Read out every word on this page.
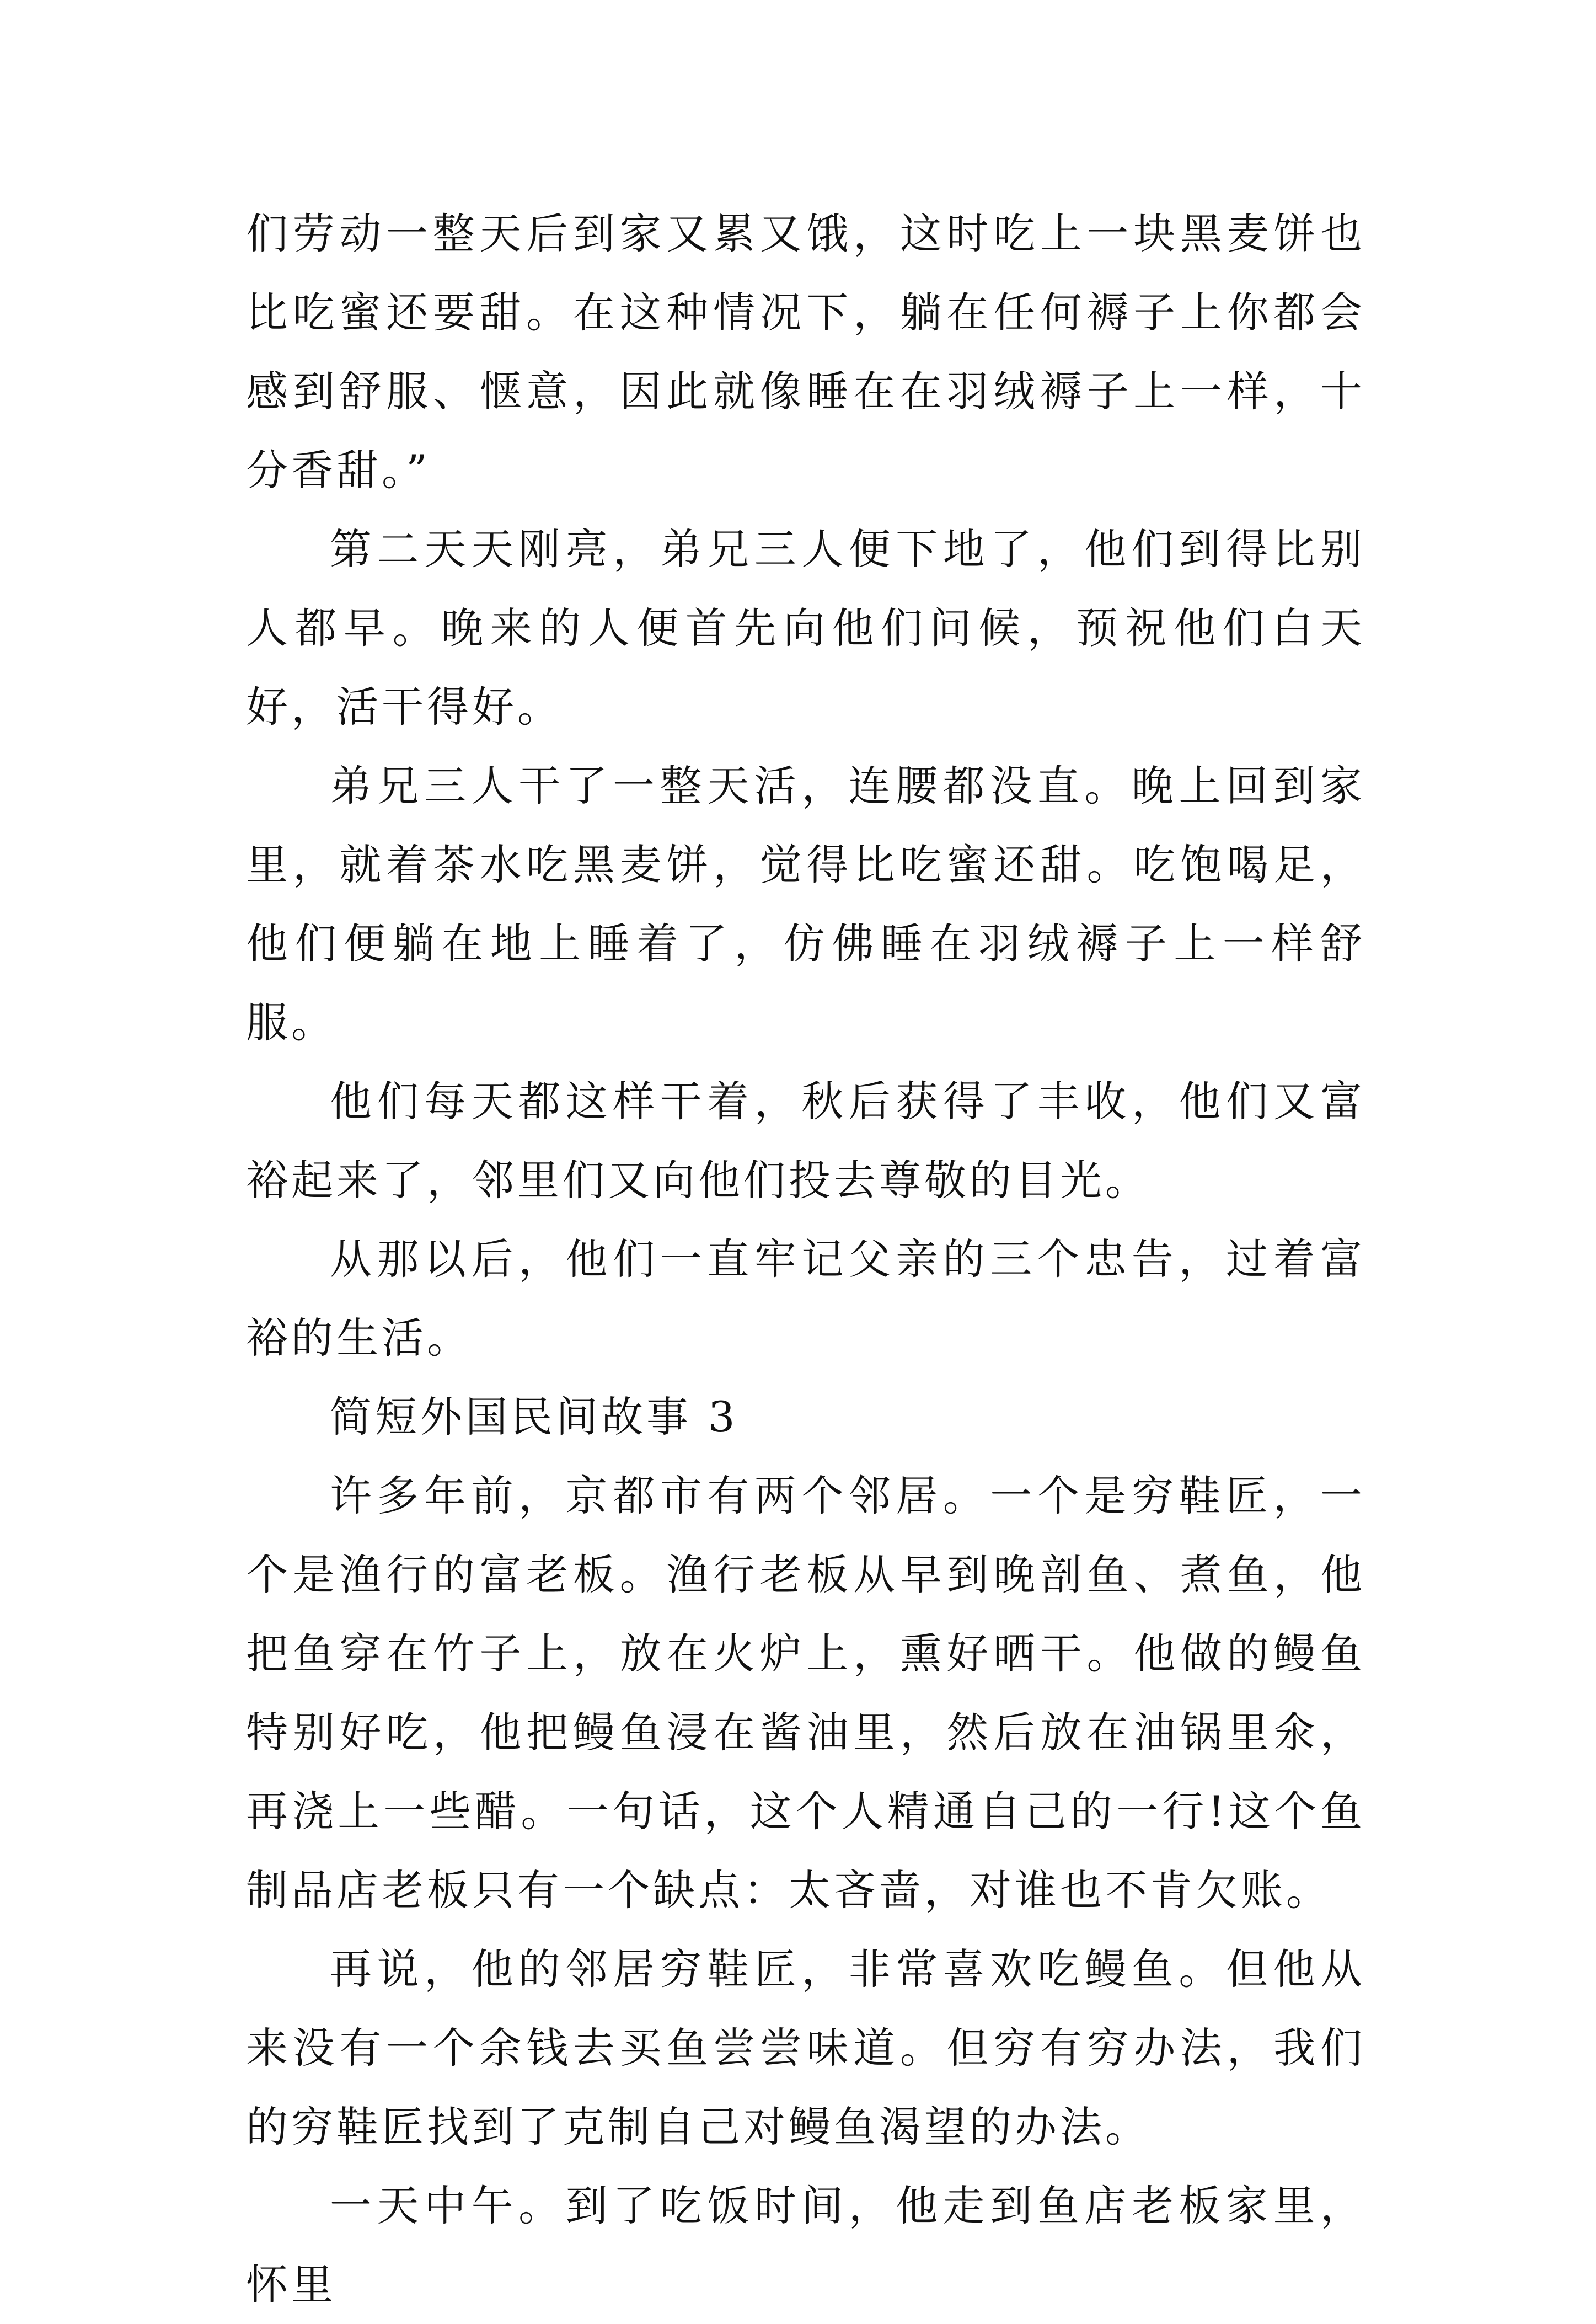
们劳动一整天后到家又累又饿，这时吃上一块黑麦饼也比吃蜜还要甜。在这种情况下，躺在任何褥子上你都会感到舒服、惬意，因此就像睡在在羽绒褥子上一样，十分香甜。”

第二天天刚亮，弟兄三人便下地了，他们到得比别人都早。晚来的人便首先向他们问候，预祝他们白天好，活干得好。

弟兄三人干了一整天活，连腰都没直。晚上回到家里，就着茶水吃黑麦饼，觉得比吃蜜还甜。吃饱喝足，他们便躺在地上睡着了，仿佛睡在羽绒褥子上一样舒服。

他们每天都这样干着，秋后获得了丰收，他们又富裕起来了，邻里们又向他们投去尊敬的目光。

从那以后，他们一直牢记父亲的三个忠告，过着富裕的生活。

简短外国民间故事 3

许多年前，京都市有两个邻居。一个是穷鞋匠，一个是渔行的富老板。渔行老板从早到晚剖鱼、煮鱼，他把鱼穿在竹子上，放在火炉上，熏好晒干。他做的鳗鱼特别好吃，他把鳗鱼浸在酱油里，然后放在油锅里氽，再浇上一些醋。一句话，这个人精通自己的一行!这个鱼制品店老板只有一个缺点：太吝啬，对谁也不肯欠账。

再说，他的邻居穷鞋匠，非常喜欢吃鳗鱼。但他从来没有一个余钱去买鱼尝尝味道。但穷有穷办法，我们的穷鞋匠找到了克制自己对鳗鱼渴望的办法。

一天中午。到了吃饭时间，他走到鱼店老板家里，怀里
